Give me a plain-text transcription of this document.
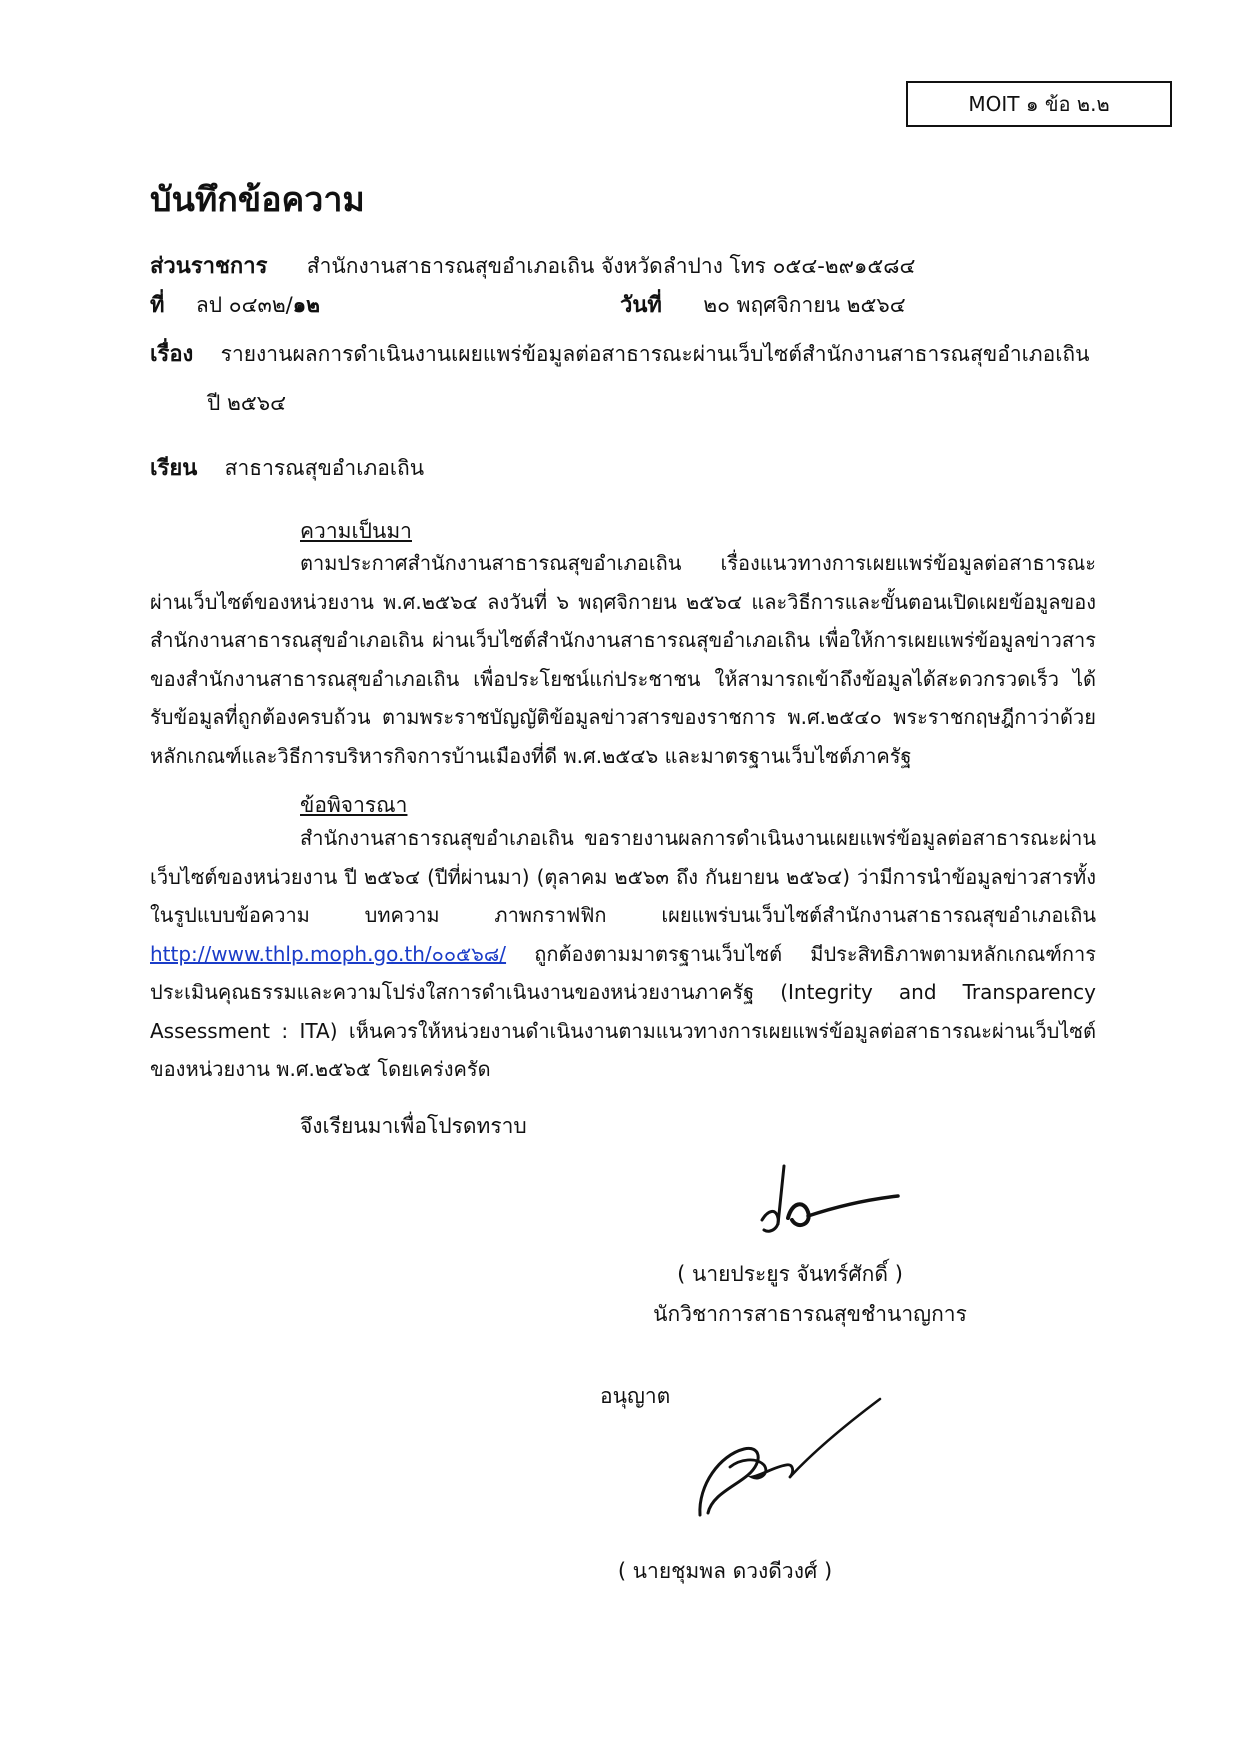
MOIT ๑ ข้อ ๒.๒
บันทึกข้อความ
ส่วนราชการ สำนักงานสาธารณสุขอำเภอเถิน จังหวัดลำปาง โทร ๐๕๔-๒๙๑๕๘๔
ที่ ลป ๐๔๓๒/๑๒	วันที่ ๒๐ พฤศจิกายน ๒๕๖๔
เรื่อง รายงานผลการดำเนินงานเผยแพร่ข้อมูลต่อสาธารณะผ่านเว็บไซต์สำนักงานสาธารณสุขอำเภอเถิน
ปี ๒๕๖๔
เรียน สาธารณสุขอำเภอเถิน
ความเป็นมา
ตามประกาศสำนักงานสาธารณสุขอำเภอเถิน เรื่องแนวทางการเผยแพร่ข้อมูลต่อสาธารณะผ่านเว็บไซต์ของหน่วยงาน พ.ศ.๒๕๖๔ ลงวันที่ ๖ พฤศจิกายน ๒๕๖๔ และวิธีการและขั้นตอนเปิดเผยข้อมูลของสำนักงานสาธารณสุขอำเภอเถิน ผ่านเว็บไซต์สำนักงานสาธารณสุขอำเภอเถิน เพื่อให้การเผยแพร่ข้อมูลข่าวสารของสำนักงานสาธารณสุขอำเภอเถิน เพื่อประโยชน์แก่ประชาชน ให้สามารถเข้าถึงข้อมูลได้สะดวกรวดเร็ว ได้รับข้อมูลที่ถูกต้องครบถ้วน ตามพระราชบัญญัติข้อมูลข่าวสารของราชการ พ.ศ.๒๕๔๐ พระราชกฤษฎีกาว่าด้วยหลักเกณฑ์และวิธีการบริหารกิจการบ้านเมืองที่ดี พ.ศ.๒๕๔๖ และมาตรฐานเว็บไซต์ภาครัฐ
ข้อพิจารณา
สำนักงานสาธารณสุขอำเภอเถิน ขอรายงานผลการดำเนินงานเผยแพร่ข้อมูลต่อสาธารณะผ่านเว็บไซต์ของหน่วยงาน ปี ๒๕๖๔ (ปีที่ผ่านมา) (ตุลาคม ๒๕๖๓ ถึง กันยายน ๒๕๖๔) ว่ามีการนำข้อมูลข่าวสารทั้งในรูปแบบข้อความ บทความ ภาพกราฟฟิก เผยแพร่บนเว็บไซต์สำนักงานสาธารณสุขอำเภอเถิน http://www.thlp.moph.go.th/๐๐๕๖๘/ ถูกต้องตามมาตรฐานเว็บไซต์ มีประสิทธิภาพตามหลักเกณฑ์การประเมินคุณธรรมและความโปร่งใสการดำเนินงานของหน่วยงานภาครัฐ (Integrity and Transparency Assessment : ITA) เห็นควรให้หน่วยงานดำเนินงานตามแนวทางการเผยแพร่ข้อมูลต่อสาธารณะผ่านเว็บไซต์ของหน่วยงาน พ.ศ.๒๕๖๕ โดยเคร่งครัด
จึงเรียนมาเพื่อโปรดทราบ
( นายประยูร จันทร์ศักดิ์ )
นักวิชาการสาธารณสุขชำนาญการ
อนุญาต
( นายชุมพล ดวงดีวงศ์ )
